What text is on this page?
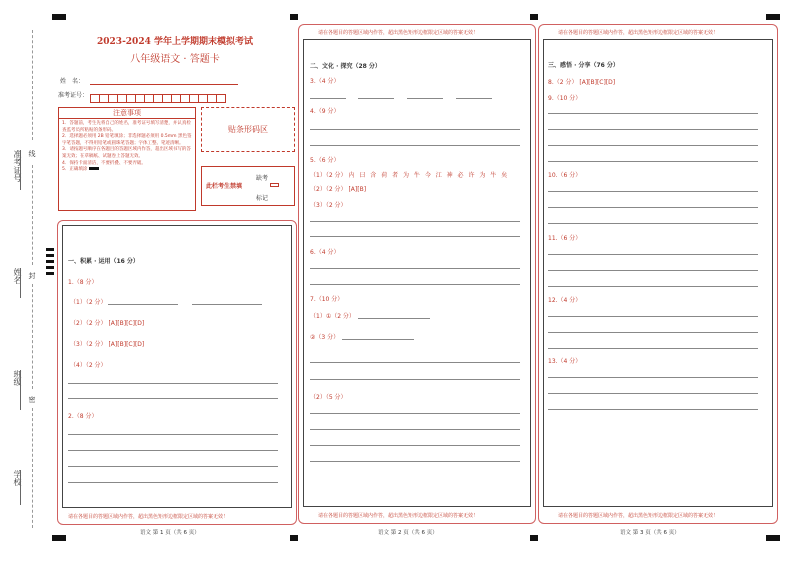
准考证号
姓名
班级
学校
线
封
密
2023-2024 学年上学期期末模拟考试
八年级语文 · 答题卡
姓　名：
准考证号：
注意事项
1．答题前，考生先将自己的姓名，准考证号填写清楚，并认真检查监考员所粘贴的条形码。
2．选择题必须用 2B 铅笔填涂；非选择题必须用 0.5mm 黑色签字笔答题，不得用铅笔或圆珠笔答题；字体工整、笔迹清晰。
3．请按题号顺序在各题目的答题区域内作答，超出区域书写的答案无效；在草稿纸、试题卷上答题无效。
4．保持卡面清洁，不要折叠、不要弄破。
5．正确填涂
贴条形码区
此栏考生禁填
缺考
标记
一、积累 · 运用（16 分）
1.（8 分）
（1）（2 分）
（2）（2 分） [A][B][C][D]
（3）（2 分） [A][B][C][D]
（4）（2 分）
2.（8 分）
请在各题目的答题区域内作答，超出黑色矩形边框限定区域的答案无效！
语文 第 1 页（共 6 页）
请在各题目的答题区域内作答，超出黑色矩形边框限定区域的答案无效！
二、文化 · 探究（28 分）
3.（4 分）
4.（9 分）
5.（6 分）
（1）（2 分） 内 曰 含 荷 者 为 牛 今 江 神 必 许 为 牛 矣
（2）（2 分） [A][B]
（3）（2 分）
6.（4 分）
7.（10 分）
（1）①（2 分）
②（3 分）
（2）（5 分）
请在各题目的答题区域内作答，超出黑色矩形边框限定区域的答案无效！
语文 第 2 页（共 6 页）
请在各题目的答题区域内作答，超出黑色矩形边框限定区域的答案无效！
三、感悟 · 分享（76 分）
8.（2 分） [A][B][C][D]
9.（10 分）
10.（6 分）
11.（6 分）
12.（4 分）
13.（4 分）
请在各题目的答题区域内作答，超出黑色矩形边框限定区域的答案无效！
语文 第 3 页（共 6 页）
